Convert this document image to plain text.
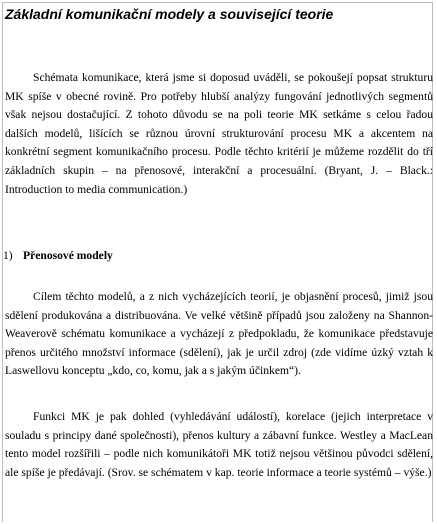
Základní komunikační modely a související teorie

Schémata komunikace, která jsme si doposud uváděli, se pokoušejí popsat strukturu MK spíše v obecné rovině. Pro potřeby hlubší analýzy fungování jednotlivých segmentů však nejsou dostačující. Z tohoto důvodu se na poli teorie MK setkáme s celou řadou dalších modelů, lišících se různou úrovní strukturování procesu MK a akcentem na konkrétní segment komunikačního procesu. Podle těchto kritérií je můžeme rozdělit do tří základních skupin – na přenosové, interakční a procesuální. (Bryant, J. – Black.: Introduction to media communication.)

1) Přenosové modely

Cílem těchto modelů, a z nich vycházejících teorií, je objasnění procesů, jimiž jsou sdělení produkována a distribuována. Ve velké většině případů jsou založeny na Shannon-Weaverově schématu komunikace a vycházejí z předpokladu, že komunikace představuje přenos určitého množství informace (sdělení), jak je určil zdroj (zde vidíme úzký vztah k Laswellovu konceptu „kdo, co, komu, jak a s jakým účinkem“).

Funkci MK je pak dohled (vyhledávání událostí), korelace (jejich interpretace v souladu s principy dané společnosti), přenos kultury a zábavní funkce. Westley a MacLean tento model rozšířili – podle nich komunikátoři MK totiž nejsou většinou původci sdělení, ale spíše je předávají. (Srov. se schématem v kap. teorie informace a teorie systémů – výše.)
